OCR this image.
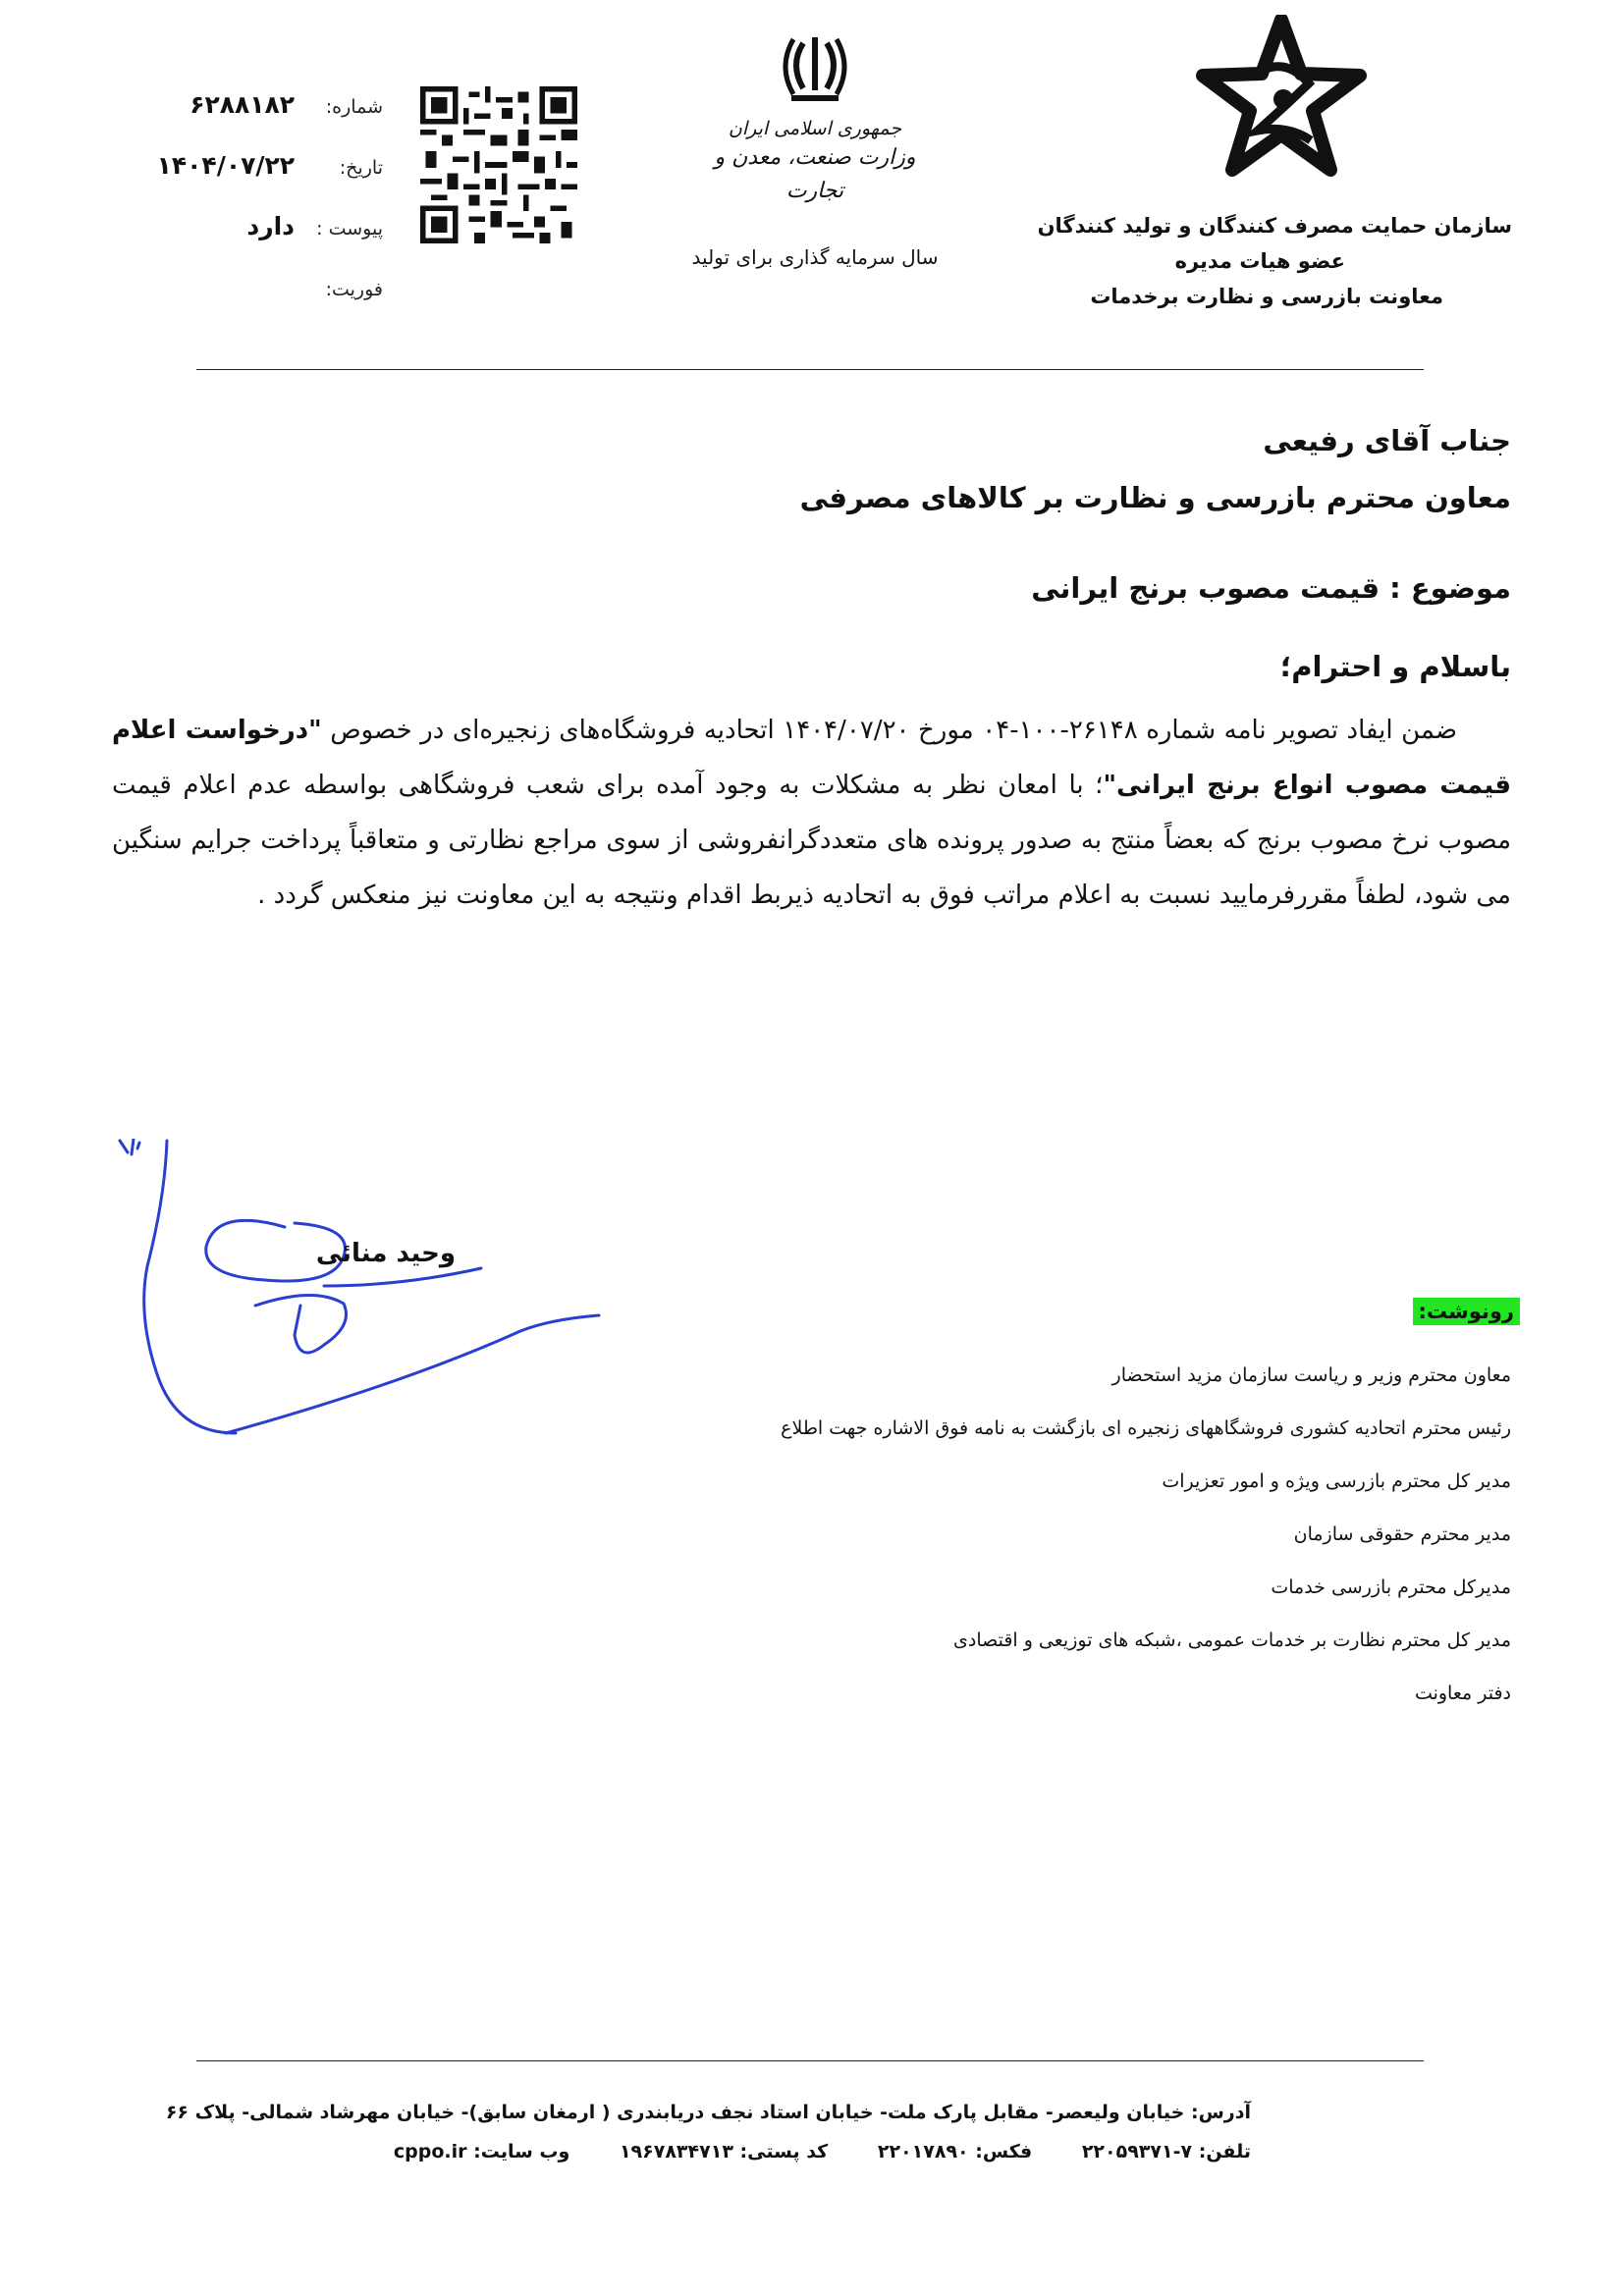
سازمان حمایت مصرف کنندگان و تولید کنندگان
عضو هیات مدیره
معاونت بازرسی و نظارت برخدمات
جمهوری اسلامی ایران
وزارت صنعت، معدن و تجارت
سال سرمایه گذاری برای تولید
شماره:
۶۲۸۸۱۸۲
تاریخ:
۱۴۰۴/۰۷/۲۲
پیوست :
دارد
فوریت:
جناب آقای رفیعی
معاون محترم بازرسی و نظارت بر کالاهای مصرفی
موضوع : قیمت مصوب برنج ایرانی
باسلام و احترام؛
ضمن ایفاد تصویر نامه شماره ۲۶۱۴۸-۱۰۰-۰۴ مورخ ۱۴۰۴/۰۷/۲۰ اتحادیه فروشگاه‌های زنجیره‌ای در خصوص "درخواست اعلام قیمت مصوب انواع برنج ایرانی"؛ با امعان نظر به مشکلات به وجود آمده برای شعب فروشگاهی بواسطه عدم اعلام قیمت مصوب نرخ مصوب برنج که بعضاً منتج به صدور پرونده های متعددگرانفروشی از سوی مراجع نظارتی و متعاقباً پرداخت جرایم سنگین می شود، لطفاً مقررفرمایید نسبت به اعلام مراتب فوق به اتحادیه ذیربط اقدام ونتیجه به این معاونت نیز منعکس گردد .
وحید منائی
رونوشت:
معاون محترم وزیر و ریاست سازمان مزید استحضار
رئیس محترم اتحادیه کشوری فروشگاههای زنجیره ای بازگشت به نامه فوق الاشاره جهت اطلاع
مدیر کل محترم بازرسی ویژه و امور تعزیرات
مدیر محترم حقوقی سازمان
مدیرکل محترم بازرسی خدمات
مدیر کل محترم نظارت بر خدمات عمومی ،شبکه های توزیعی و اقتصادی
دفتر معاونت
آدرس: خیابان ولیعصر- مقابل پارک ملت- خیابان استاد نجف دریابندری ( ارمغان سابق)- خیابان مهرشاد شمالی- پلاک ۶۶
تلفن: ۷-۲۲۰۵۹۳۷۱ فکس: ۲۲۰۱۷۸۹۰ کد پستی: ۱۹۶۷۸۳۴۷۱۳ وب سایت: cppo.ir
